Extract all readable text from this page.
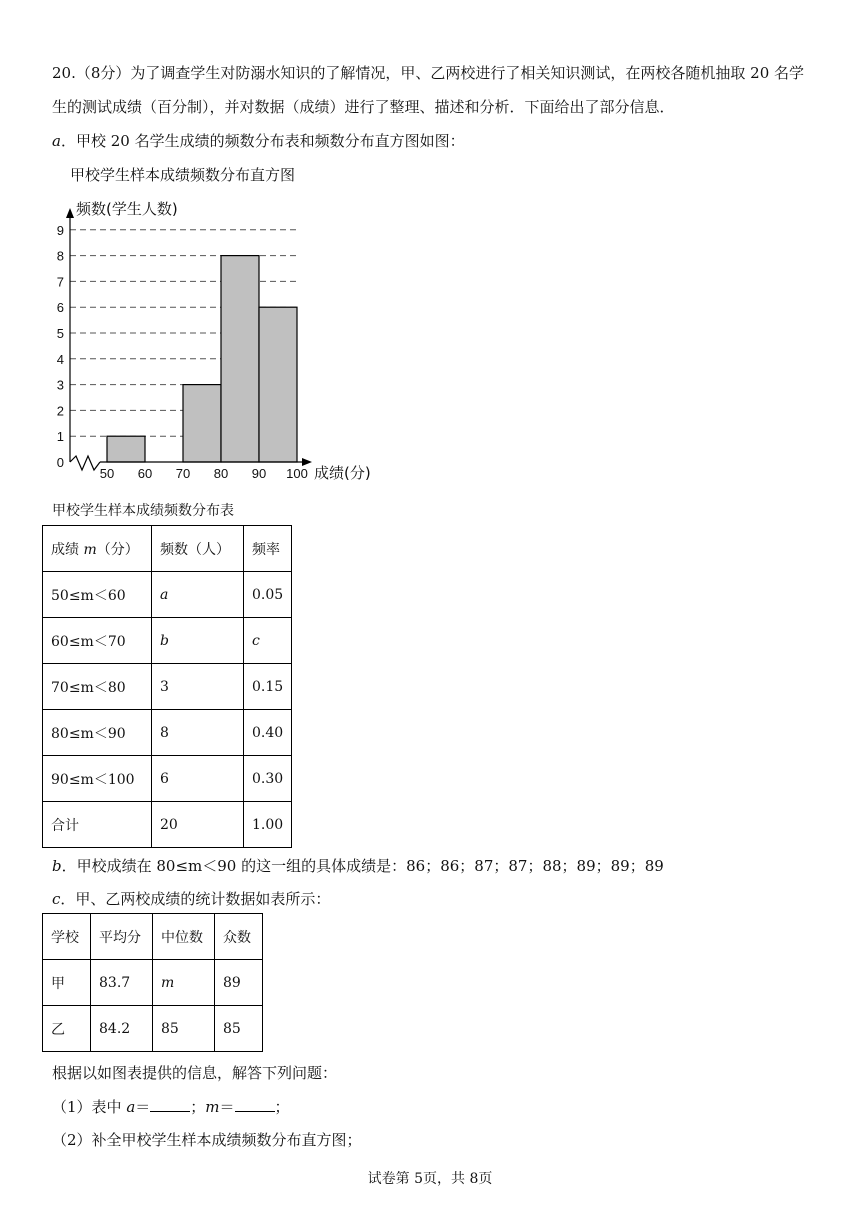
20.（8分）为了调查学生对防溺水知识的了解情况，甲、乙两校进行了相关知识测试，在两校各随机抽取 20 名学
生的测试成绩（百分制），并对数据（成绩）进行了整理、描述和分析．下面给出了部分信息．
a．甲校 20 名学生成绩的频数分布表和频数分布直方图如图：
甲校学生样本成绩频数分布直方图
0
1
2
3
4
5
6
7
8
9
50 60 70 80 90 100
频数(学生人数)
成绩(分)
甲校学生样本成绩频数分布表
成绩 m（分）	频数（人）	频率
50≤m＜60	a	0.05
60≤m＜70	b	c
70≤m＜80	3	0.15
80≤m＜90	8	0.40
90≤m＜100	6	0.30
合计	20	1.00
b．甲校成绩在 80≤m＜90 的这一组的具体成绩是：86；86；87；87；88；89；89；89
c．甲、乙两校成绩的统计数据如表所示：
学校	平均分	中位数	众数
甲	83.7	m	89
乙	84.2	85	85
根据以如图表提供的信息，解答下列问题：
（1）表中 a＝	；m＝	；
（2）补全甲校学生样本成绩频数分布直方图；
试卷第 5页，共 8页
